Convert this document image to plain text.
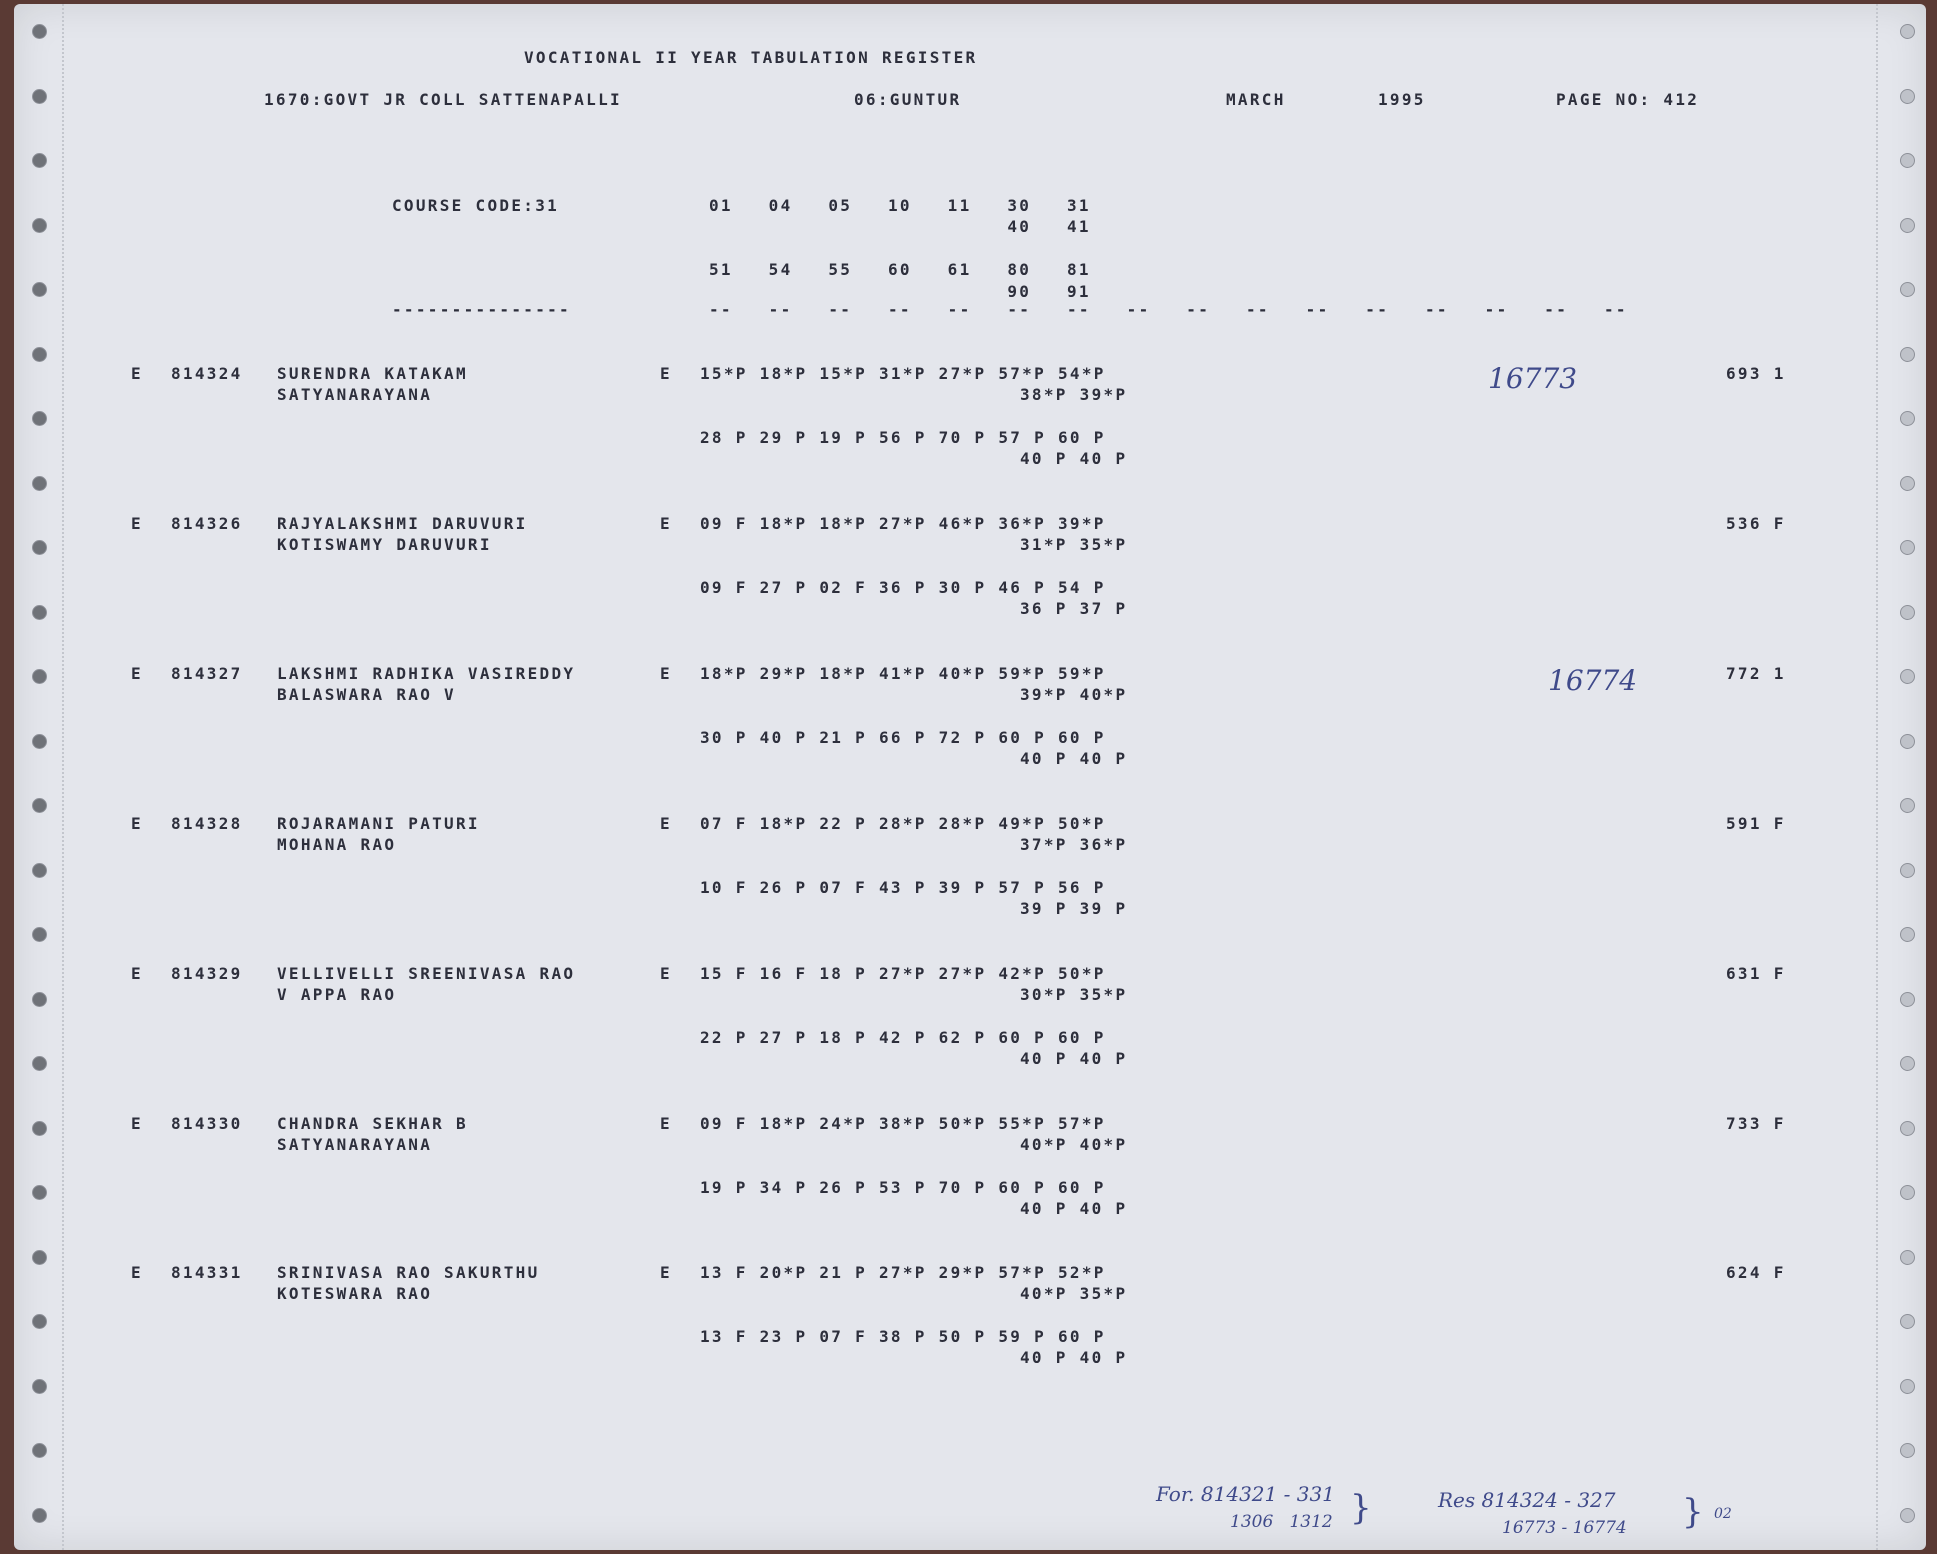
VOCATIONAL II YEAR TABULATION REGISTER
1670:GOVT JR COLL SATTENAPALLI	06:GUNTUR	MARCH	1995	PAGE NO: 412
COURSE CODE:31	01   04   05   10   11   30   31
40   41
51   54   55   60   61   80   81
90   91
---------------	--   --   --   --   --   --   --   --   --   --   --   --   --   --   --   --
E 814324 SURENDRA KATAKAM
SATYANARAYANA
E 15*P 18*P 15*P 31*P 27*P 57*P 54*P
38*P 39*P
28 P 29 P 19 P 56 P 70 P 57 P 60 P
40 P 40 P
693 1
E 814326 RAJYALAKSHMI DARUVURI
KOTISWAMY DARUVURI
E 09 F 18*P 18*P 27*P 46*P 36*P 39*P
31*P 35*P
09 F 27 P 02 F 36 P 30 P 46 P 54 P
36 P 37 P
536 F
E 814327 LAKSHMI RADHIKA VASIREDDY
BALASWARA RAO V
E 18*P 29*P 18*P 41*P 40*P 59*P 59*P
39*P 40*P
30 P 40 P 21 P 66 P 72 P 60 P 60 P
40 P 40 P
772 1
E 814328 ROJARAMANI PATURI
MOHANA RAO
E 07 F 18*P 22 P 28*P 28*P 49*P 50*P
37*P 36*P
10 F 26 P 07 F 43 P 39 P 57 P 56 P
39 P 39 P
591 F
E 814329 VELLIVELLI SREENIVASA RAO
V APPA RAO
E 15 F 16 F 18 P 27*P 27*P 42*P 50*P
30*P 35*P
22 P 27 P 18 P 42 P 62 P 60 P 60 P
40 P 40 P
631 F
E 814330 CHANDRA SEKHAR B
SATYANARAYANA
E 09 F 18*P 24*P 38*P 50*P 55*P 57*P
40*P 40*P
19 P 34 P 26 P 53 P 70 P 60 P 60 P
40 P 40 P
733 F
E 814331 SRINIVASA RAO SAKURTHU
KOTESWARA RAO
E 13 F 20*P 21 P 27*P 29*P 57*P 52*P
40*P 35*P
13 F 23 P 07 F 38 P 50 P 59 P 60 P
40 P 40 P
624 F
16773
16774
For. 814321 - 331
1306   1312 }	Res 814324 - 327
16773 - 16774 } 02
